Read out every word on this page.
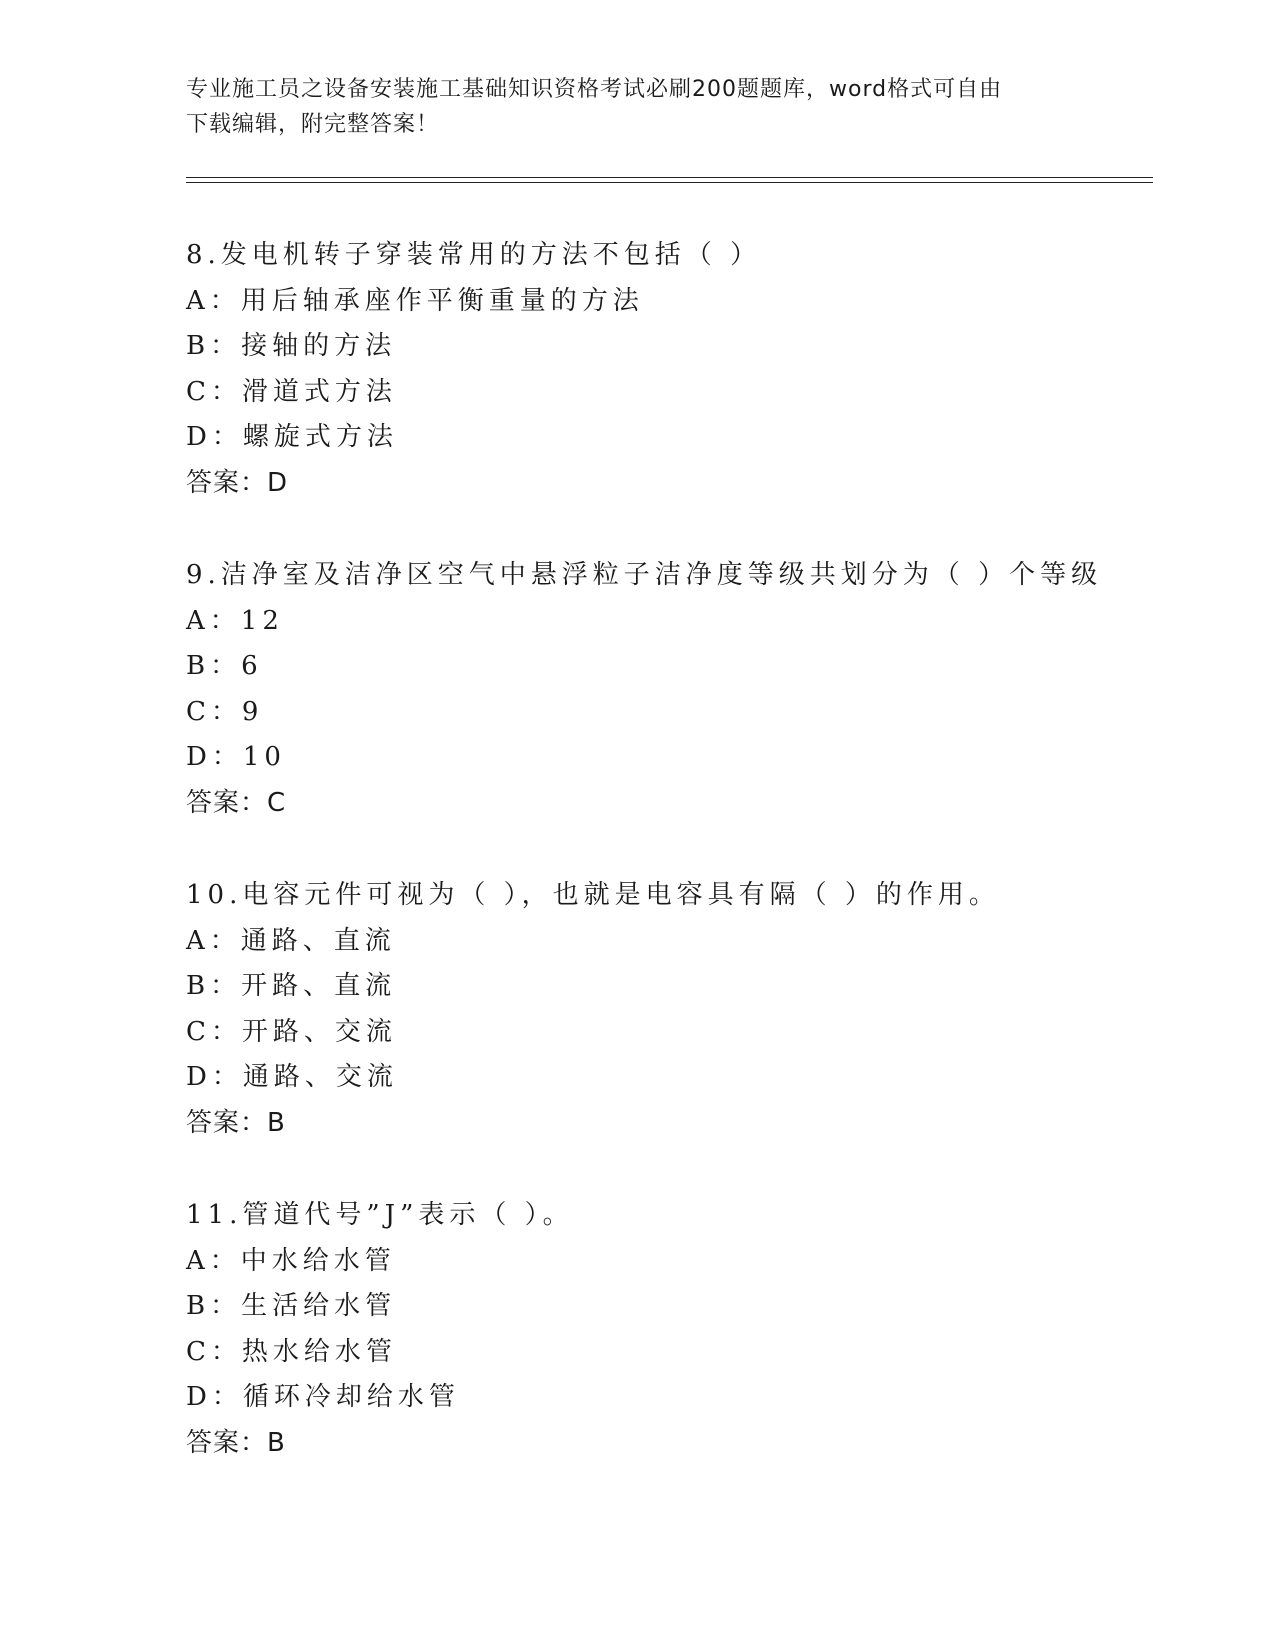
专业施工员之设备安装施工基础知识资格考试必刷200题题库，word格式可自由
下载编辑，附完整答案！
8.发电机转子穿装常用的方法不包括（ ）
A：用后轴承座作平衡重量的方法
B：接轴的方法
C：滑道式方法
D：螺旋式方法
答案：D
9.洁净室及洁净区空气中悬浮粒子洁净度等级共划分为（ ）个等级
A：12
B：6
C：9
D：10
答案：C
10.电容元件可视为（ ），也就是电容具有隔（ ）的作用。
A：通路、直流
B：开路、直流
C：开路、交流
D：通路、交流
答案：B
11.管道代号”J”表示（ ）。
A：中水给水管
B：生活给水管
C：热水给水管
D：循环冷却给水管
答案：B
